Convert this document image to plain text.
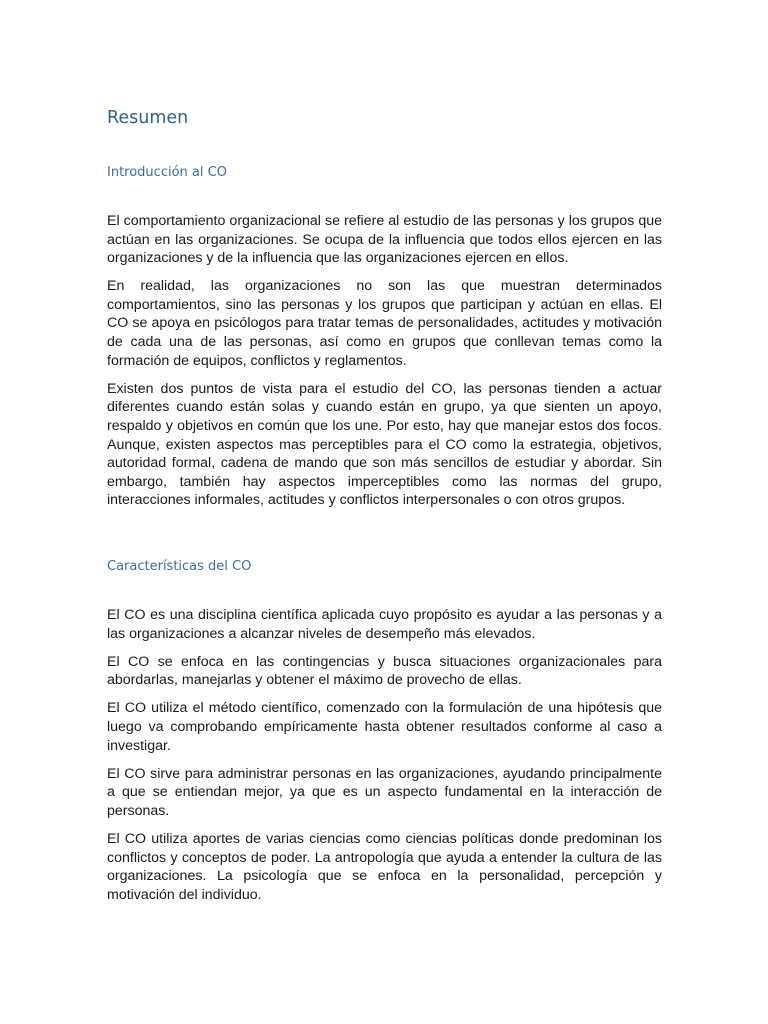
Resumen
Introducción al CO

El comportamiento organizacional se refiere al estudio de las personas y los grupos que actúan en las organizaciones. Se ocupa de la influencia que todos ellos ejercen en las organizaciones y de la influencia que las organizaciones ejercen en ellos.

En realidad, las organizaciones no son las que muestran determinados comportamientos, sino las personas y los grupos que participan y actúan en ellas. El CO se apoya en psicólogos para tratar temas de personalidades, actitudes y motivación de cada una de las personas, así como en grupos que conllevan temas como la formación de equipos, conflictos y reglamentos.

Existen dos puntos de vista para el estudio del CO, las personas tienden a actuar diferentes cuando están solas y cuando están en grupo, ya que sienten un apoyo, respaldo y objetivos en común que los une. Por esto, hay que manejar estos dos focos. Aunque, existen aspectos mas perceptibles para el CO como la estrategia, objetivos, autoridad formal, cadena de mando que son más sencillos de estudiar y abordar. Sin embargo, también hay aspectos imperceptibles como las normas del grupo, interacciones informales, actitudes y conflictos interpersonales o con otros grupos.

Características del CO

El CO es una disciplina científica aplicada cuyo propósito es ayudar a las personas y a las organizaciones a alcanzar niveles de desempeño más elevados.

El CO se enfoca en las contingencias y busca situaciones organizacionales para abordarlas, manejarlas y obtener el máximo de provecho de ellas.

El CO utiliza el método científico, comenzado con la formulación de una hipótesis que luego va comprobando empíricamente hasta obtener resultados conforme al caso a investigar.

El CO sirve para administrar personas en las organizaciones, ayudando principalmente a que se entiendan mejor, ya que es un aspecto fundamental en la interacción de personas.

El CO utiliza aportes de varias ciencias como ciencias políticas donde predominan los conflictos y conceptos de poder. La antropología que ayuda a entender la cultura de las organizaciones. La psicología que se enfoca en la personalidad, percepción y motivación del individuo.
